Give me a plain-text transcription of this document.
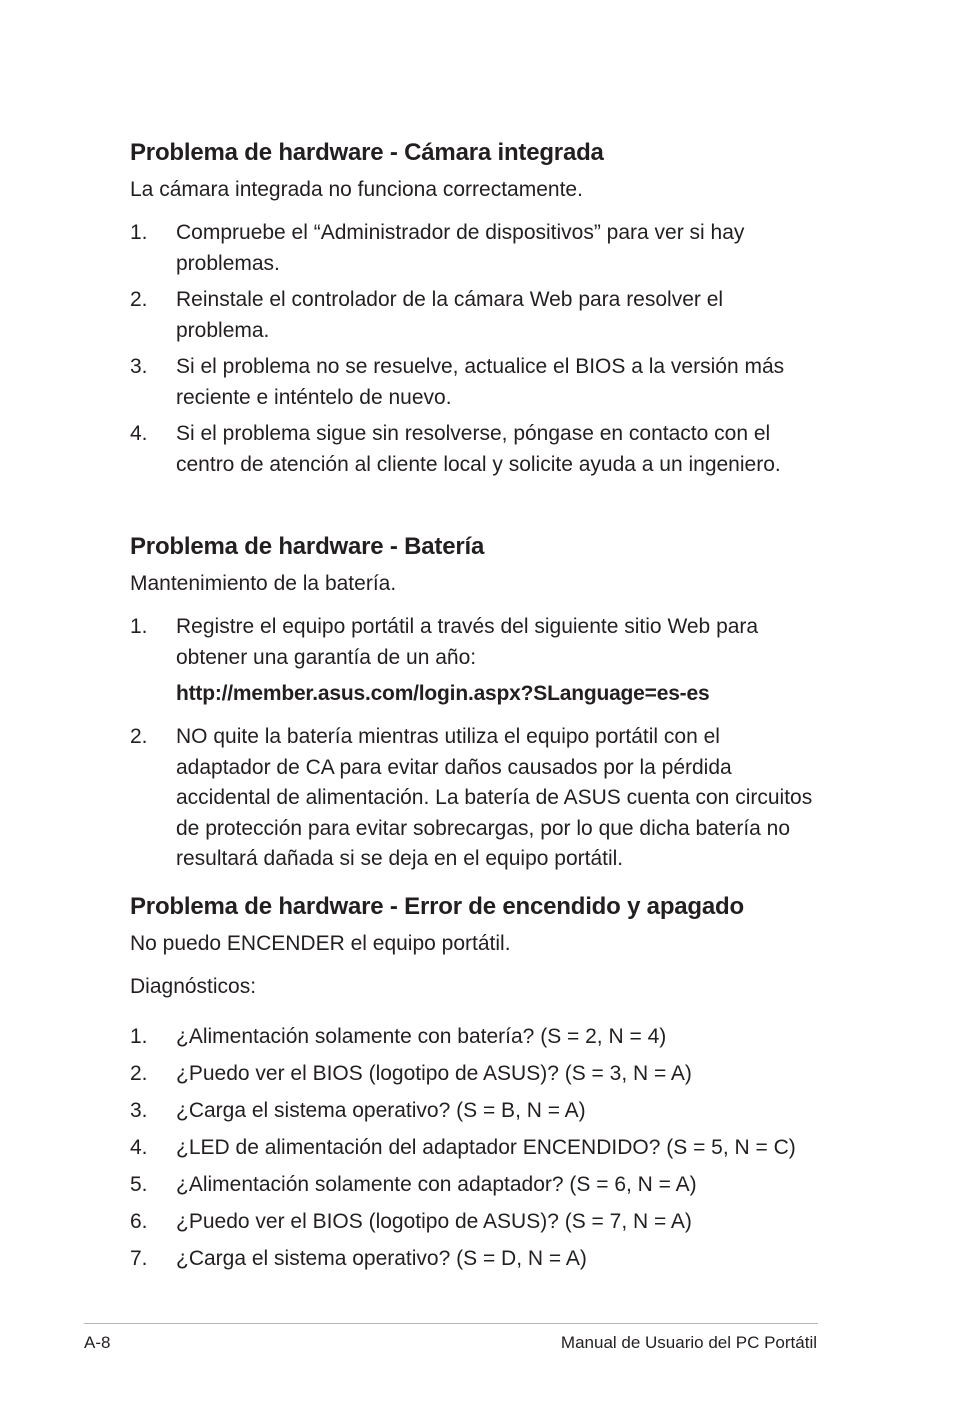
Problema de hardware - Cámara integrada

La cámara integrada no funciona correctamente.

1. Compruebe el “Administrador de dispositivos” para ver si hay problemas.
2. Reinstale el controlador de la cámara Web para resolver el problema.
3. Si el problema no se resuelve, actualice el BIOS a la versión más reciente e inténtelo de nuevo.
4. Si el problema sigue sin resolverse, póngase en contacto con el centro de atención al cliente local y solicite ayuda a un ingeniero.
Problema de hardware - Batería

Mantenimiento de la batería.

1. Registre el equipo portátil a través del siguiente sitio Web para obtener una garantía de un año:
http://member.asus.com/login.aspx?SLanguage=es-es
2. NO quite la batería mientras utiliza el equipo portátil con el adaptador de CA para evitar daños causados por la pérdida accidental de alimentación. La batería de ASUS cuenta con circuitos de protección para evitar sobrecargas, por lo que dicha batería no resultará dañada si se deja en el equipo portátil.
Problema de hardware - Error de encendido y apagado

No puedo ENCENDER el equipo portátil.

Diagnósticos:

1. ¿Alimentación solamente con batería? (S = 2, N = 4)
2. ¿Puedo ver el BIOS (logotipo de ASUS)? (S = 3, N = A)
3. ¿Carga el sistema operativo? (S = B, N = A)
4. ¿LED de alimentación del adaptador ENCENDIDO? (S = 5, N = C)
5. ¿Alimentación solamente con adaptador? (S = 6, N = A)
6. ¿Puedo ver el BIOS (logotipo de ASUS)? (S = 7, N = A)
7. ¿Carga el sistema operativo? (S = D, N = A)
A-8	Manual de Usuario del PC Portátil
